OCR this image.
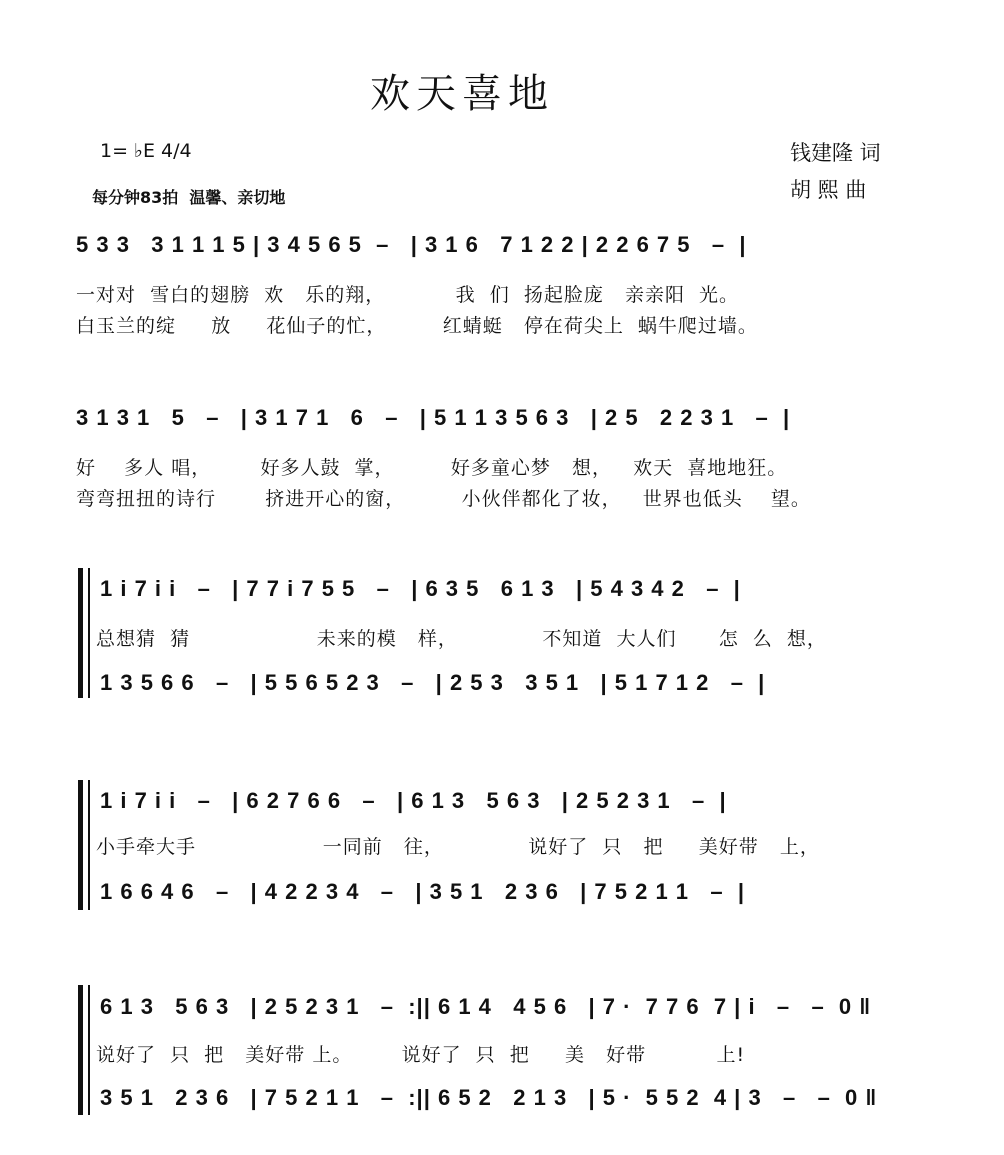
欢天喜地
1= ♭E 4/4
每分钟83拍  温馨、亲切地
钱建隆 词
胡 熙 曲
5 3 3   3 1 1 1 5 | 3 4 5 6 5  –   | 3 1 6   7 1 2 2 | 2 2 6 7 5   –  |
一对对  雪白的翅膀  欢   乐的翔，          我  们  扬起脸庞   亲亲阳  光。
白玉兰的绽     放     花仙子的忙，        红蜻蜓   停在荷尖上  蜗牛爬过墙。
3 1 3 1   5   –   | 3 1 7 1   6   –   | 5 1 1 3 5 6 3   | 2 5   2 2 3 1   –  |
好    多人 唱，       好多人鼓  掌，        好多童心梦   想，   欢天  喜地地狂。
弯弯扭扭的诗行       挤进开心的窗，        小伙伴都化了妆，   世界也低头    望。
1 i 7 i i   –   | 7 7 i 7 5 5   –   | 6 3 5   6 1 3   | 5 4 3 4 2   –  |
总想猜  猜                  未来的模   样，            不知道  大人们      怎  么  想，
1 3 5 6 6   –   | 5 5 6 5 2 3   –   | 2 5 3   3 5 1   | 5 1 7 1 2   –  |
1 i 7 i i   –   | 6 2 7 6 6   –   | 6 1 3   5 6 3   | 2 5 2 3 1   –  |
小手牵大手                  一同前   往，            说好了  只   把     美好带   上，
1 6 6 4 6   –   | 4 2 2 3 4   –   | 3 5 1   2 3 6   | 7 5 2 1 1   –  |
6 1 3   5 6 3   | 2 5 2 3 1   –  :|| 6 1 4   4 5 6   | 7 ·  7 7 6  7 | i   –   –  0 ‖
说好了  只  把   美好带 上。       说好了  只  把     美   好带          上!
3 5 1   2 3 6   | 7 5 2 1 1   –  :|| 6 5 2   2 1 3   | 5 ·  5 5 2  4 | 3   –   –  0 ‖
